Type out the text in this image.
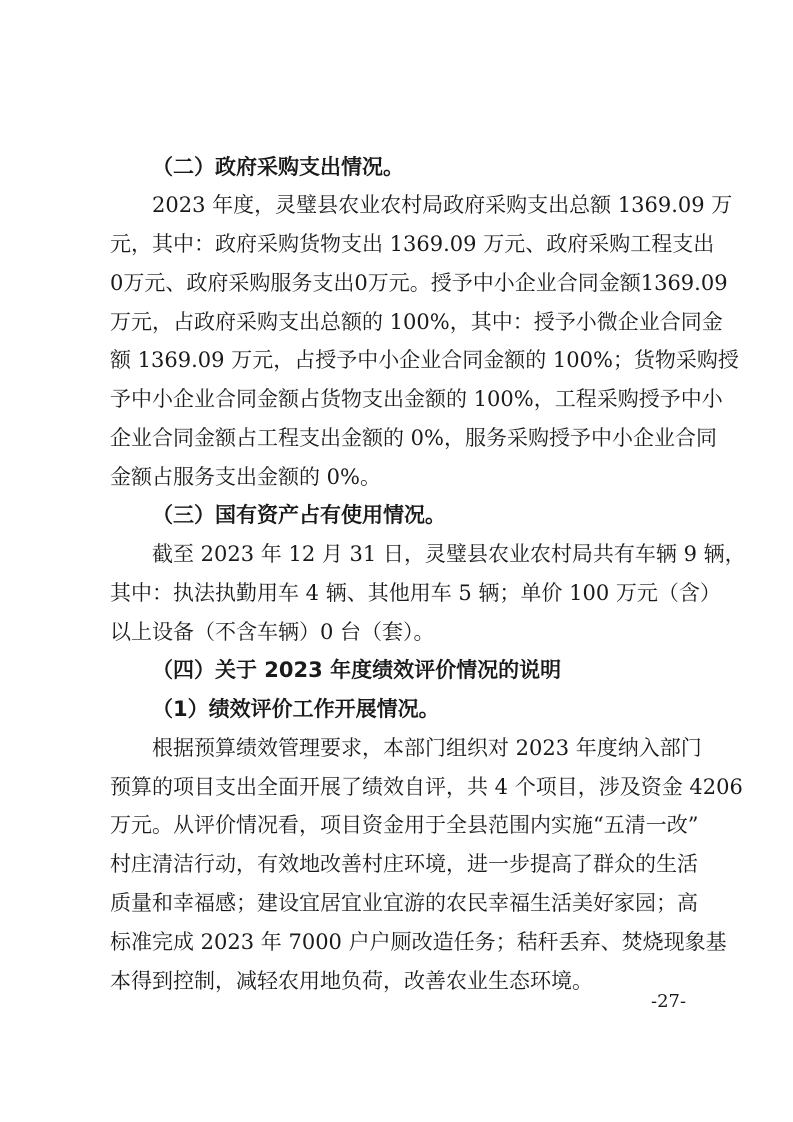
（二）政府采购支出情况。
2023 年度，灵璧县农业农村局政府采购支出总额 1369.09 万
元，其中：政府采购货物支出 1369.09 万元、政府采购工程支出
0万元、政府采购服务支出0万元。授予中小企业合同金额1369.09
万元，占政府采购支出总额的 100%，其中：授予小微企业合同金
额 1369.09 万元，占授予中小企业合同金额的 100%；货物采购授
予中小企业合同金额占货物支出金额的 100%，工程采购授予中小
企业合同金额占工程支出金额的 0%，服务采购授予中小企业合同
金额占服务支出金额的 0%。
（三）国有资产占有使用情况。
截至 2023 年 12 月 31 日，灵璧县农业农村局共有车辆 9 辆，
其中：执法执勤用车 4 辆、其他用车 5 辆；单价 100 万元（含）
以上设备（不含车辆）0 台（套）。
（四）关于 2023 年度绩效评价情况的说明
（1）绩效评价工作开展情况。
根据预算绩效管理要求，本部门组织对 2023 年度纳入部门
预算的项目支出全面开展了绩效自评，共 4 个项目，涉及资金 4206
万元。从评价情况看，项目资金用于全县范围内实施“五清一改”
村庄清洁行动，有效地改善村庄环境，进一步提高了群众的生活
质量和幸福感；建设宜居宜业宜游的农民幸福生活美好家园；高
标准完成 2023 年 7000 户户厕改造任务；秸秆丢弃、焚烧现象基
本得到控制，减轻农用地负荷，改善农业生态环境。
-27-
